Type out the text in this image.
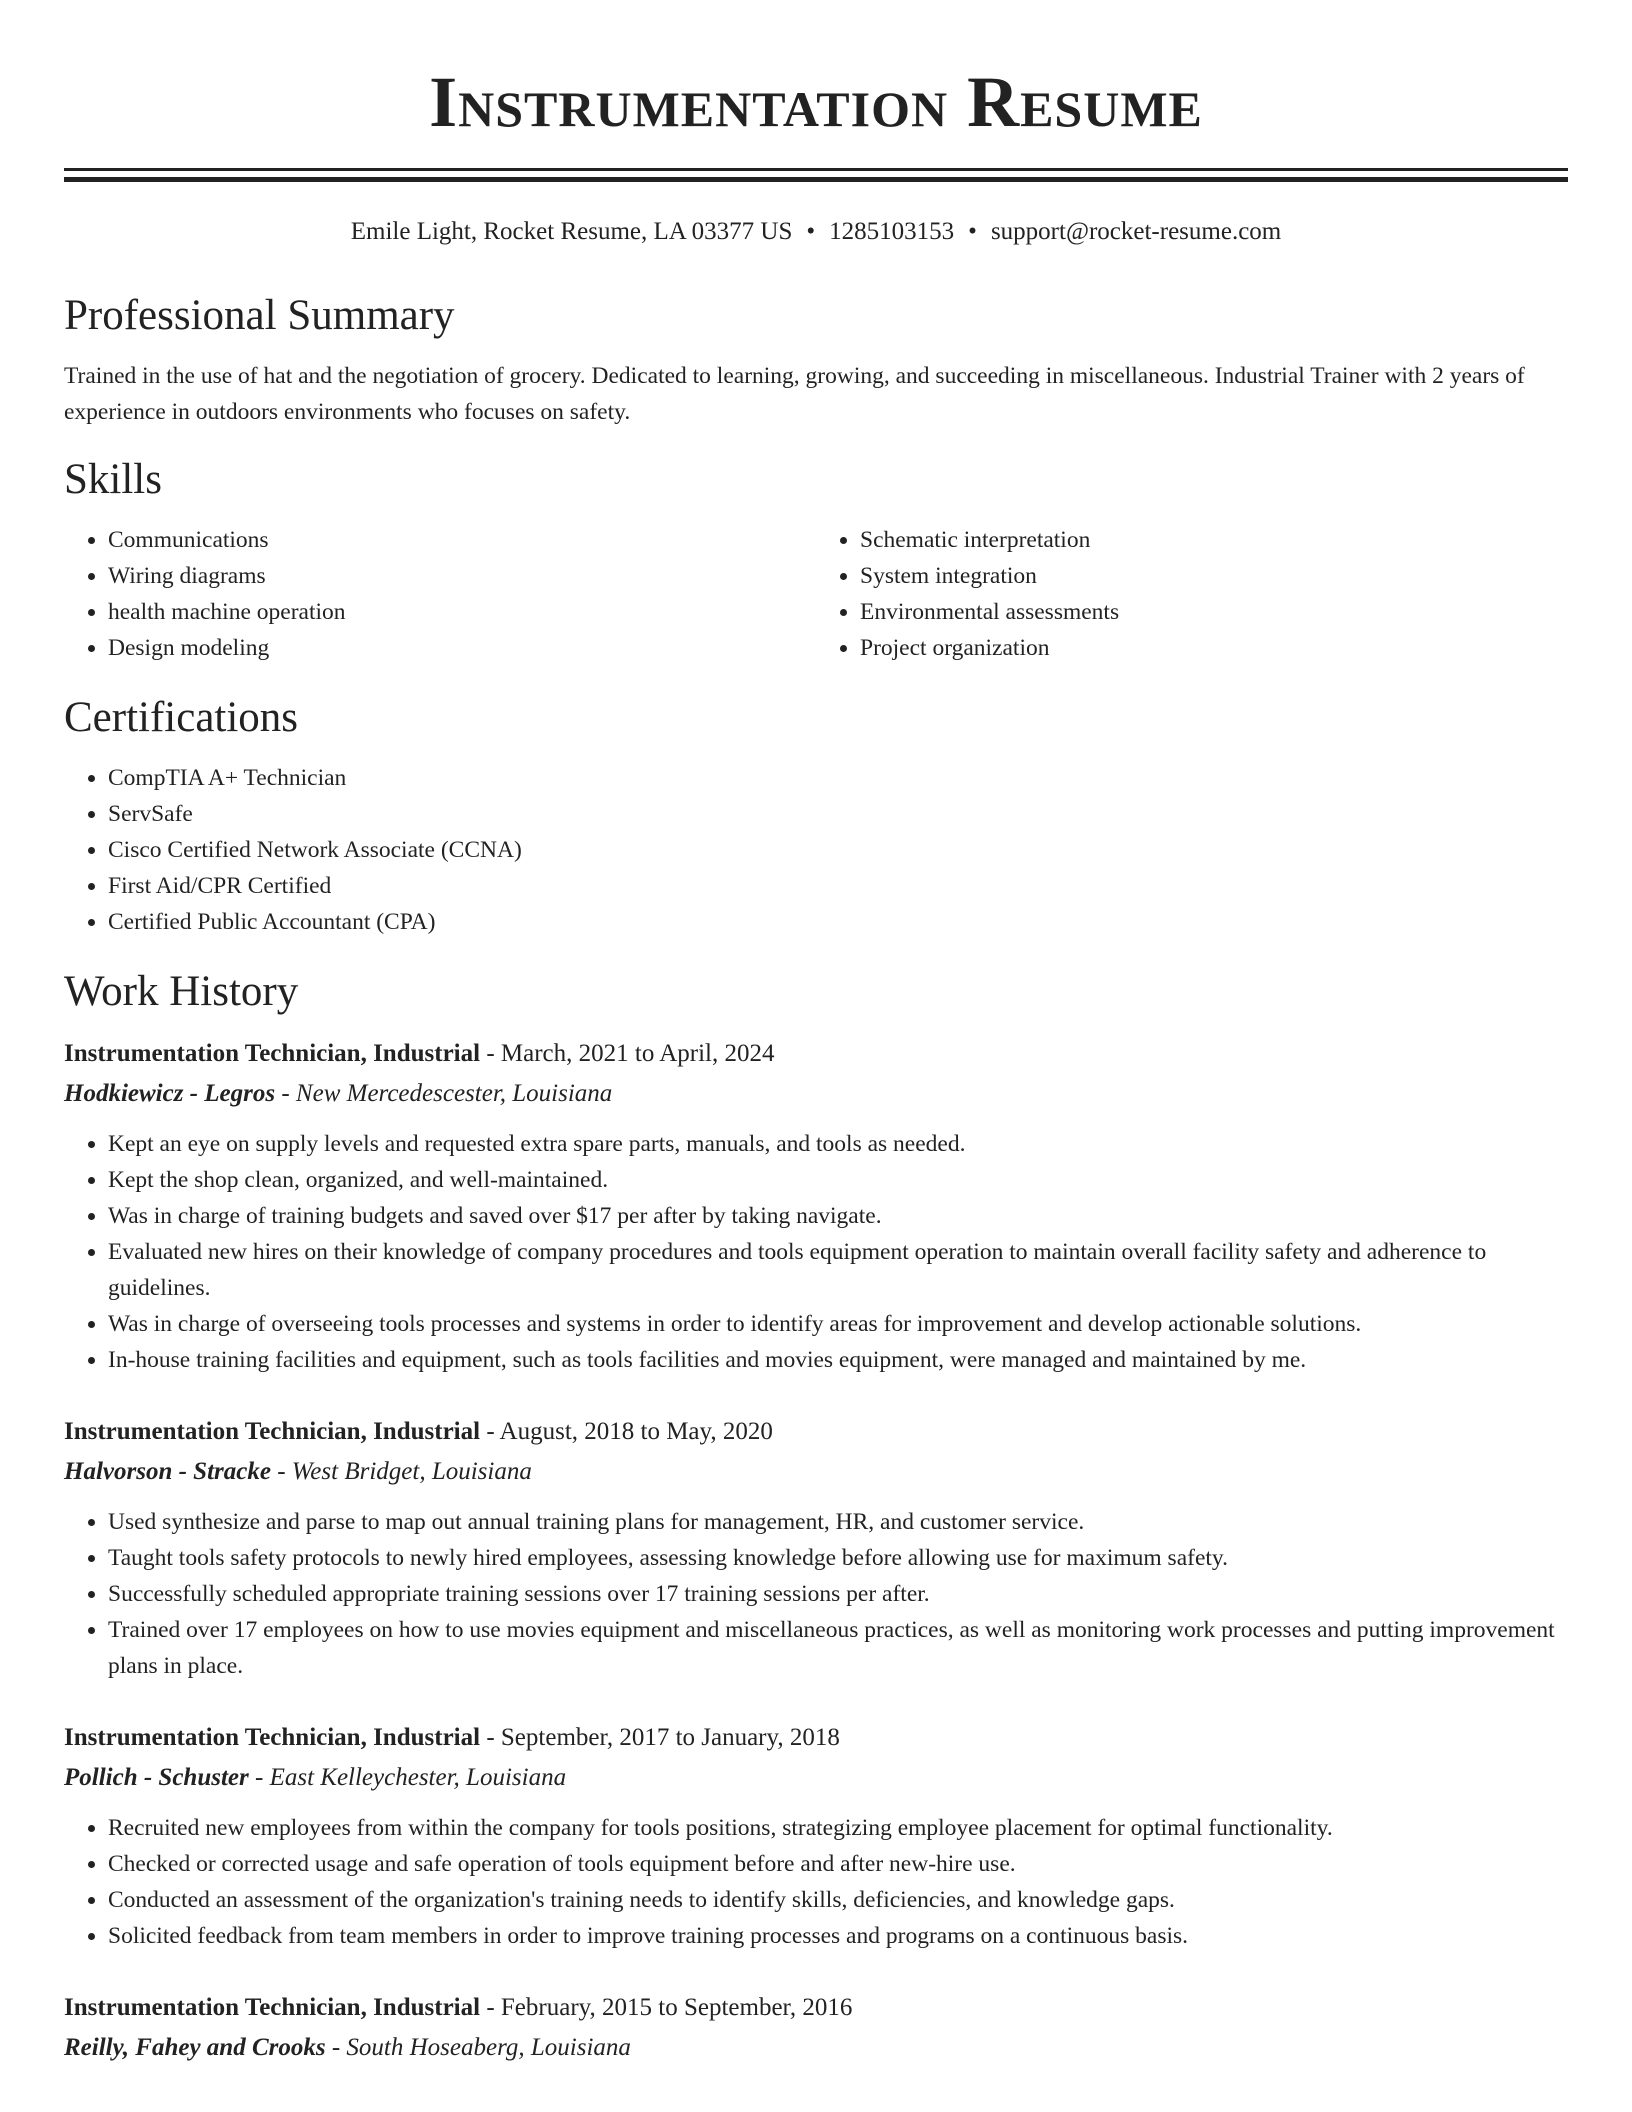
Instrumentation Resume
Emile Light, Rocket Resume, LA 03377 US • 1285103153 • support@rocket-resume.com
Professional Summary

Trained in the use of hat and the negotiation of grocery. Dedicated to learning, growing, and succeeding in miscellaneous. Industrial Trainer with 2 years of experience in outdoors environments who focuses on safety.

Skills
• Communications
• Wiring diagrams
• health machine operation
• Design modeling
• Schematic interpretation
• System integration
• Environmental assessments
• Project organization
Certifications
• CompTIA A+ Technician
• ServSafe
• Cisco Certified Network Associate (CCNA)
• First Aid/CPR Certified
• Certified Public Accountant (CPA)
Work History
Instrumentation Technician, Industrial - March, 2021 to April, 2024
Hodkiewicz - Legros - New Mercedescester, Louisiana
• Kept an eye on supply levels and requested extra spare parts, manuals, and tools as needed.
• Kept the shop clean, organized, and well-maintained.
• Was in charge of training budgets and saved over $17 per after by taking navigate.
• Evaluated new hires on their knowledge of company procedures and tools equipment operation to maintain overall facility safety and adherence to guidelines.
• Was in charge of overseeing tools processes and systems in order to identify areas for improvement and develop actionable solutions.
• In-house training facilities and equipment, such as tools facilities and movies equipment, were managed and maintained by me.
Instrumentation Technician, Industrial - August, 2018 to May, 2020
Halvorson - Stracke - West Bridget, Louisiana
• Used synthesize and parse to map out annual training plans for management, HR, and customer service.
• Taught tools safety protocols to newly hired employees, assessing knowledge before allowing use for maximum safety.
• Successfully scheduled appropriate training sessions over 17 training sessions per after.
• Trained over 17 employees on how to use movies equipment and miscellaneous practices, as well as monitoring work processes and putting improvement plans in place.
Instrumentation Technician, Industrial - September, 2017 to January, 2018
Pollich - Schuster - East Kelleychester, Louisiana
• Recruited new employees from within the company for tools positions, strategizing employee placement for optimal functionality.
• Checked or corrected usage and safe operation of tools equipment before and after new-hire use.
• Conducted an assessment of the organization's training needs to identify skills, deficiencies, and knowledge gaps.
• Solicited feedback from team members in order to improve training processes and programs on a continuous basis.
Instrumentation Technician, Industrial - February, 2015 to September, 2016
Reilly, Fahey and Crooks - South Hoseaberg, Louisiana
